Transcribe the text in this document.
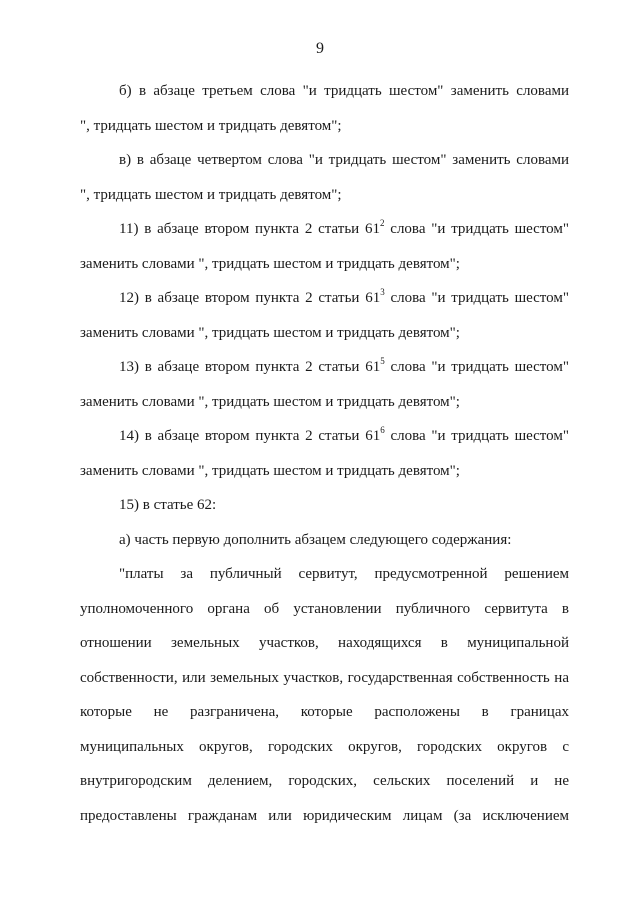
9
б) в абзаце третьем слова "и тридцать шестом" заменить словами
", тридцать шестом и тридцать девятом";
в) в абзаце четвертом слова "и тридцать шестом" заменить словами
", тридцать шестом и тридцать девятом";
11) в абзаце втором пункта 2 статьи $61^2$ слова "и тридцать шестом"
заменить словами ", тридцать шестом и тридцать девятом";
12) в абзаце втором пункта 2 статьи $61^3$ слова "и тридцать шестом"
заменить словами ", тридцать шестом и тридцать девятом";
13) в абзаце втором пункта 2 статьи $61^5$ слова "и тридцать шестом"
заменить словами ", тридцать шестом и тридцать девятом";
14) в абзаце втором пункта 2 статьи $61^6$ слова "и тридцать шестом"
заменить словами ", тридцать шестом и тридцать девятом";
15) в статье 62:
а) часть первую дополнить абзацем следующего содержания:
"платы за публичный сервитут, предусмотренной решением
уполномоченного органа об установлении публичного сервитута в
отношении земельных участков, находящихся в муниципальной
собственности, или земельных участков, государственная собственность на
которые не разграничена, которые расположены в границах
муниципальных округов, городских округов, городских округов с
внутригородским делением, городских, сельских поселений и не
предоставлены гражданам или юридическим лицам (за исключением
